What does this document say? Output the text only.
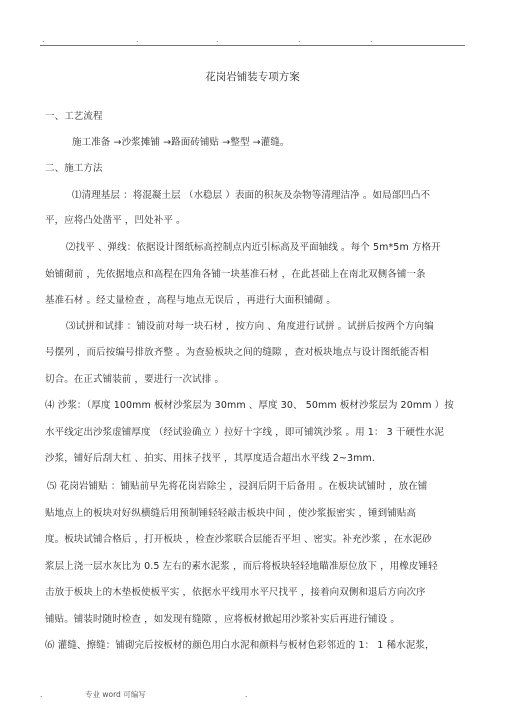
.	.	.	.	.
花岗岩铺装专项方案
一、工艺流程
施工准备 →沙浆摊铺 →路面砖铺贴 →整型 →灌缝。
二、施工方法
⑴清理基层 ：将混凝土层 （水稳层 ）表面的积灰及杂物等清理洁净 。如局部凹凸不
平，应将凸处凿平 ，凹处补平 。
⑵找平 、弹线：依据设计图纸标高控制点内近引标高及平面轴线 。每个 5m*5m 方格开
始铺砌前 ，先依据地点和高程在四角各铺一块基准石材 ，在此甚础上在南北双侧各铺一条
基准石材 。经丈量检查 ，高程与地点无误后 ，再进行大面积铺砌 。
⑶试拼和试排 ：铺设前对每一块石材 ，按方向 、角度进行试拼 。试拼后按两个方向编
号摆列 ，而后按编号排放齐整 。为查验板块之间的缝隙 ，查对板块地点与设计图纸能否相
切合。在正式铺装前 ，要进行一次试排 。
⑷ 沙浆：（厚度 100mm 板材沙浆层为 30mm 、厚度 30、 50mm 板材沙浆层为 20mm ）按
水平线定出沙浆虚铺厚度 （经试验确立 ）拉好十字线 ，即可铺筑沙浆 。用 1： 3 干硬性水泥
沙浆，铺好后刮大杠 、拍实、用抹子找平 ，其厚度适合超出水平线 2~3mm.
⑸ 花岗岩铺贴 ：铺贴前早先将花岗岩除尘 ，浸润后阴干后备用 。在板块试铺时 ，放在铺
贴地点上的板块对好纵横缝后用预制锤轻轻敲击板块中间 ，使沙浆振密实 ，锤到铺贴高
度。板块试铺合格后 ，打开板块 ，检查沙浆联合层能否平坦 、密实。补充沙浆 ，在水泥砂
浆层上浇一层水灰比为 0.5 左右的素水泥浆 ，而后将板块轻轻地瞄准原位放下 ，用橡皮锤轻
击放于板块上的木垫板使板平实 ，依据水平线用水平尺找平 ，接着向双侧和退后方向次序
铺贴。铺装时随时检查 ，如发现有缝隙 ，应将板材掀起用沙浆补实后再进行铺设 。
⑹ 灌缝、擦缝：铺砌完后按板材的颜色用白水泥和颜料与板材色彩邻近的 1： 1 稀水泥浆，
.	专业 word 可编写	.
